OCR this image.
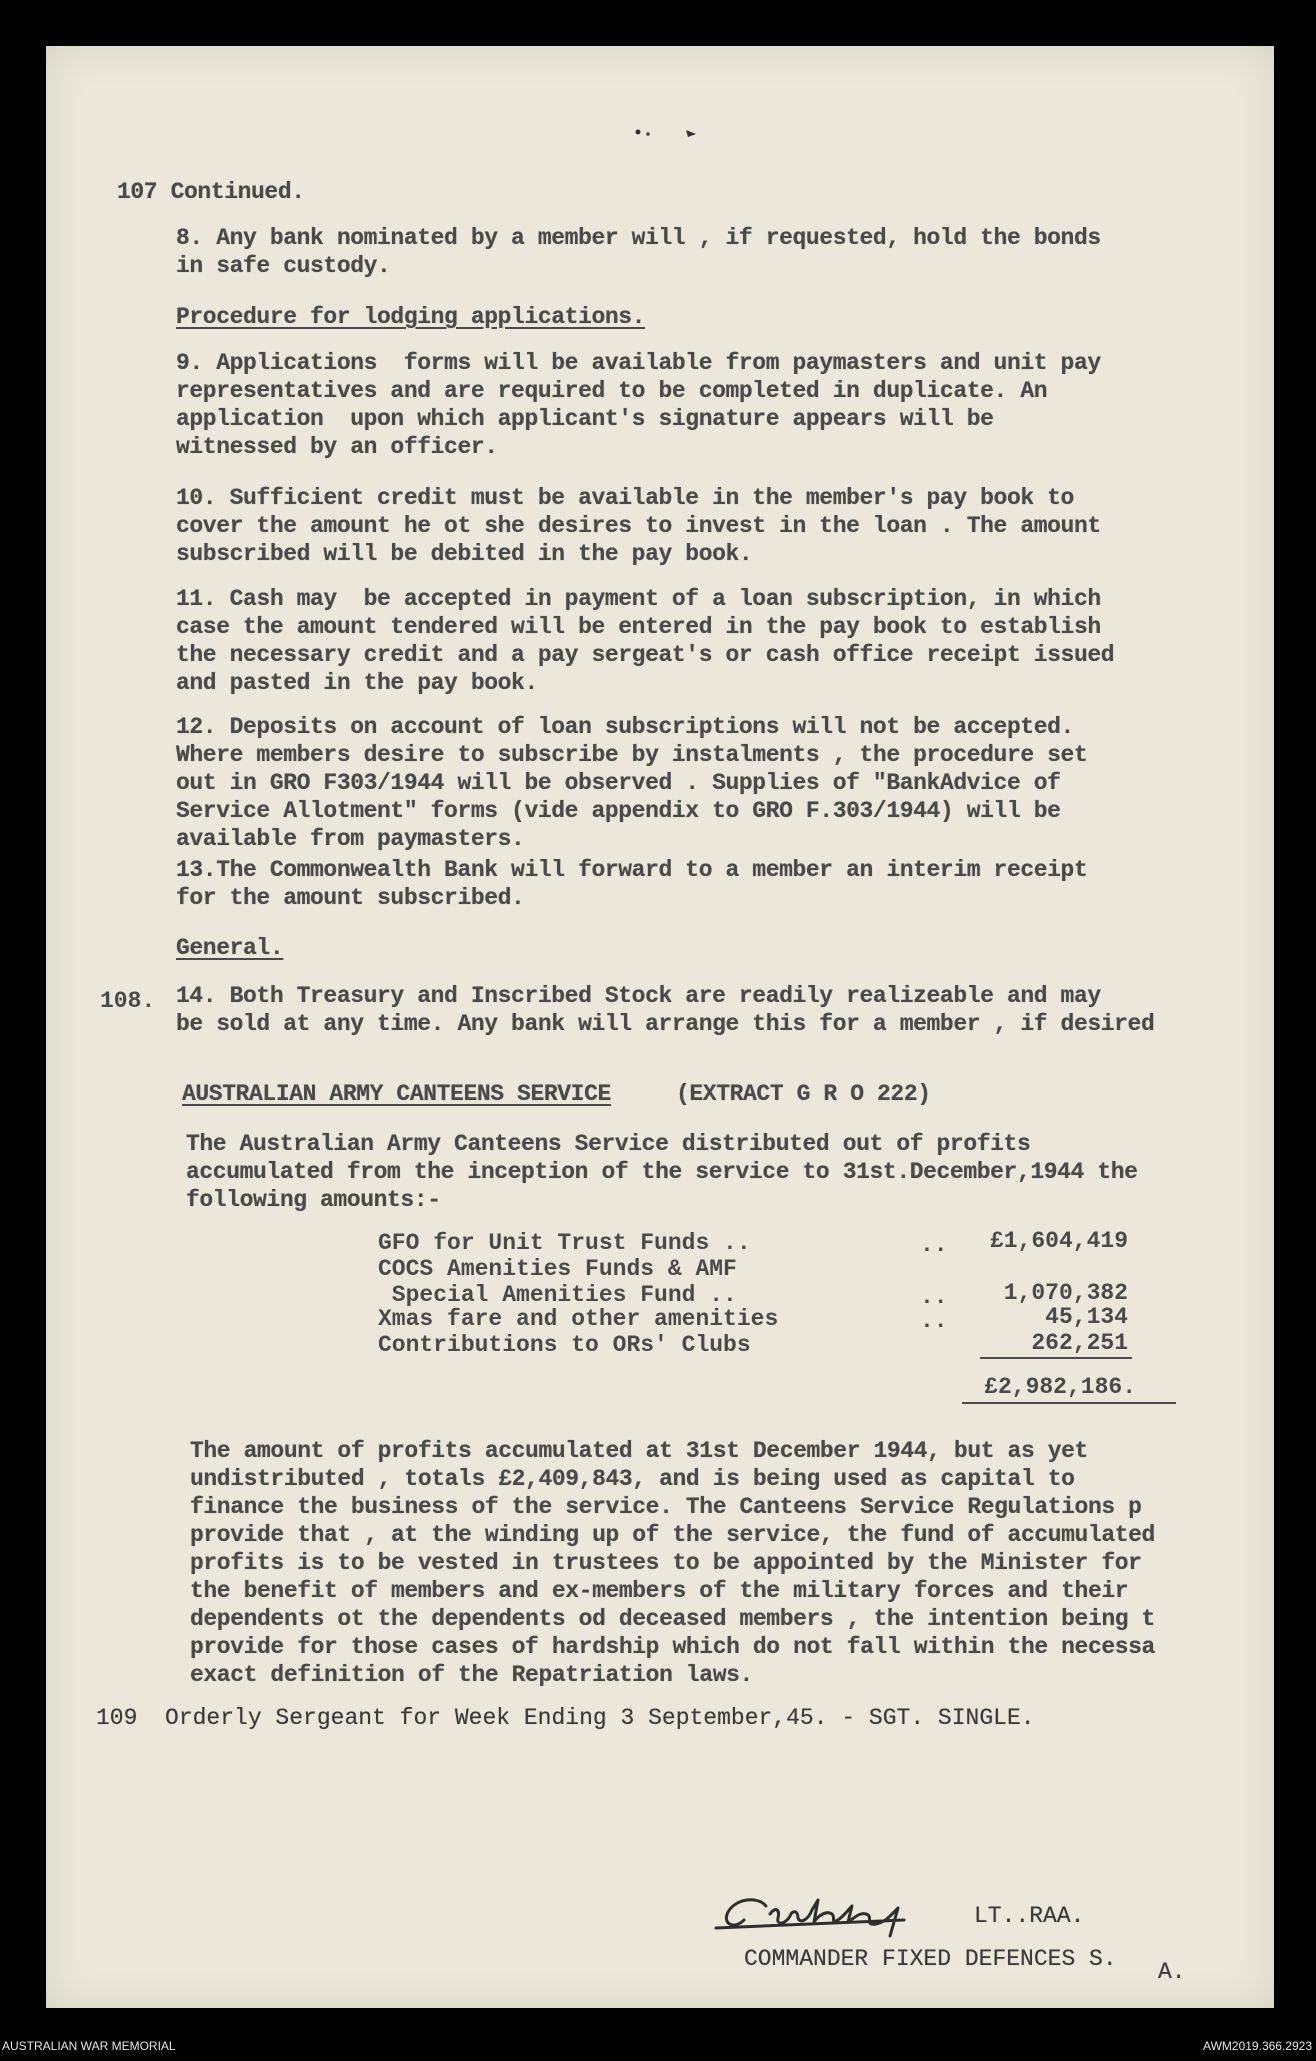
107 Continued.
8. Any bank nominated by a member will , if requested, hold the bonds
in safe custody.
Procedure for lodging applications.
9. Applications  forms will be available from paymasters and unit pay
representatives and are required to be completed in duplicate. An
application  upon which applicant's signature appears will be
witnessed by an officer.
10. Sufficient credit must be available in the member's pay book to
cover the amount he ot she desires to invest in the loan . The amount
subscribed will be debited in the pay book.
11. Cash may  be accepted in payment of a loan subscription, in which
case the amount tendered will be entered in the pay book to establish
the necessary credit and a pay sergeat's or cash office receipt issued
and pasted in the pay book.
12. Deposits on account of loan subscriptions will not be accepted.
Where members desire to subscribe by instalments , the procedure set
out in GRO F303/1944 will be observed . Supplies of "BankAdvice of
Service Allotment" forms (vide appendix to GRO F.303/1944) will be
available from paymasters.
13.The Commonwealth Bank will forward to a member an interim receipt
for the amount subscribed.
General.
108. 14. Both Treasury and Inscribed Stock are readily realizeable and may
be sold at any time. Any bank will arrange this for a member , if desired
AUSTRALIAN ARMY CANTEENS SERVICE	(EXTRACT G R O 222)
The Australian Army Canteens Service distributed out of profits
accumulated from the inception of the service to 31st.December,1944 the
following amounts:-
GFO for Unit Trust Funds ..	..	£1,604,419
COCS Amenities Funds & AMF
Special Amenities Fund ..	..	1,070,382
Xmas fare and other amenities	..	45,134
Contributions to ORs' Clubs	262,251
£2,982,186.
The amount of profits accumulated at 31st December 1944, but as yet
undistributed , totals £2,409,843, and is being used as capital to
finance the business of the service. The Canteens Service Regulations p
provide that , at the winding up of the service, the fund of accumulated
profits is to be vested in trustees to be appointed by the Minister for
the benefit of members and ex-members of the military forces and their
dependents ot the dependents od deceased members , the intention being t
provide for those cases of hardship which do not fall within the necessa
exact definition of the Repatriation laws.
109  Orderly Sergeant for Week Ending 3 September,45. - SGT. SINGLE.
LT..RAA.
COMMANDER FIXED DEFENCES S. A.
AUSTRALIAN WAR MEMORIAL	AWM2019.366.2923
